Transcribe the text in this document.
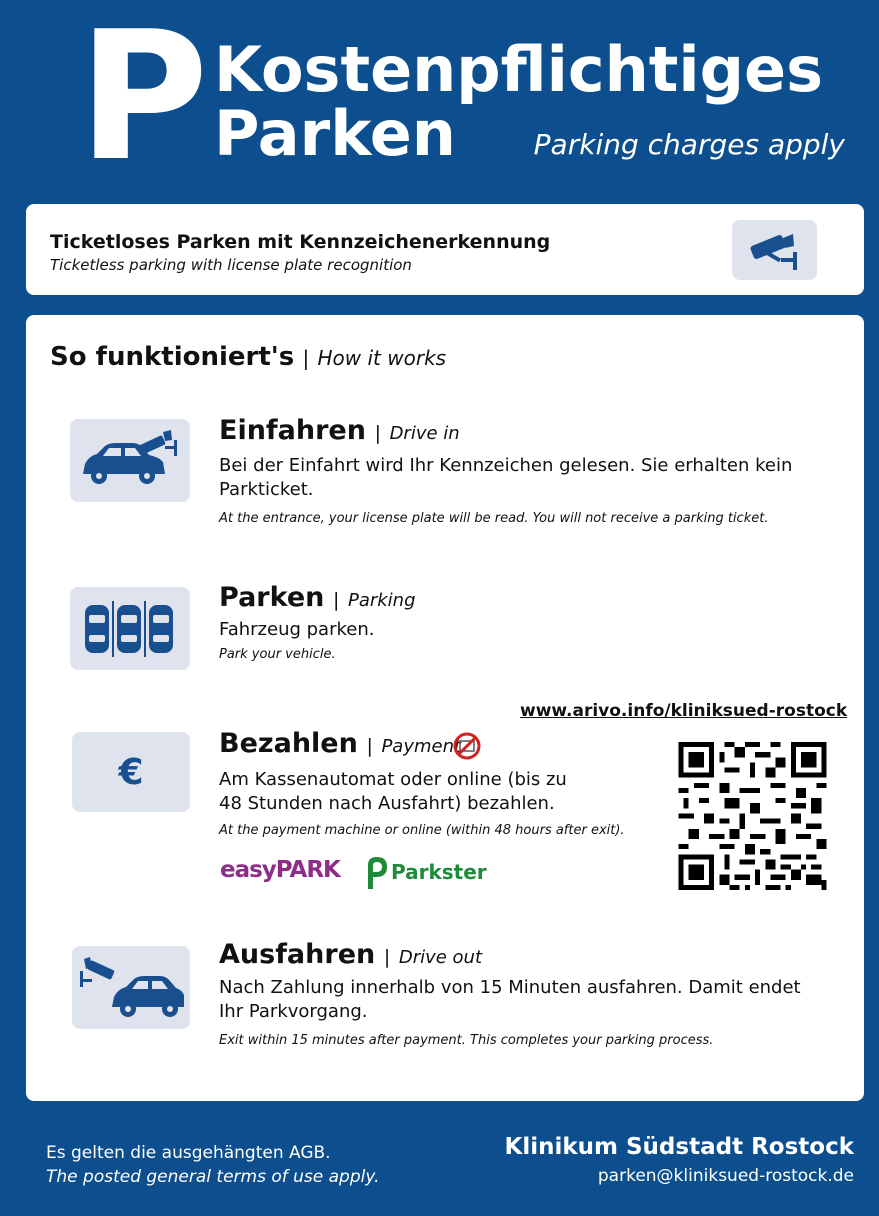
P Kostenpflichtiges
Parken	Parking charges apply
Ticketloses Parken mit Kennzeichenerkennung
Ticketless parking with license plate recognition
So funktioniert's | How it works
Einfahren | Drive in
Bei der Einfahrt wird Ihr Kennzeichen gelesen. Sie erhalten kein Parkticket.
At the entrance, your license plate will be read. You will not receive a parking ticket.
Parken | Parking
Fahrzeug parken.
Park your vehicle.
www.arivo.info/kliniksued-rostock
€
Bezahlen | Payment
Am Kassenautomat oder online (bis zu 48 Stunden nach Ausfahrt) bezahlen.
At the payment machine or online (within 48 hours after exit).
easyPARK	Parkster
Ausfahren | Drive out
Nach Zahlung innerhalb von 15 Minuten ausfahren. Damit endet Ihr Parkvorgang.
Exit within 15 minutes after payment. This completes your parking process.
Es gelten die ausgehängten AGB.
The posted general terms of use apply.
Klinikum Südstadt Rostock
parken@kliniksued-rostock.de
